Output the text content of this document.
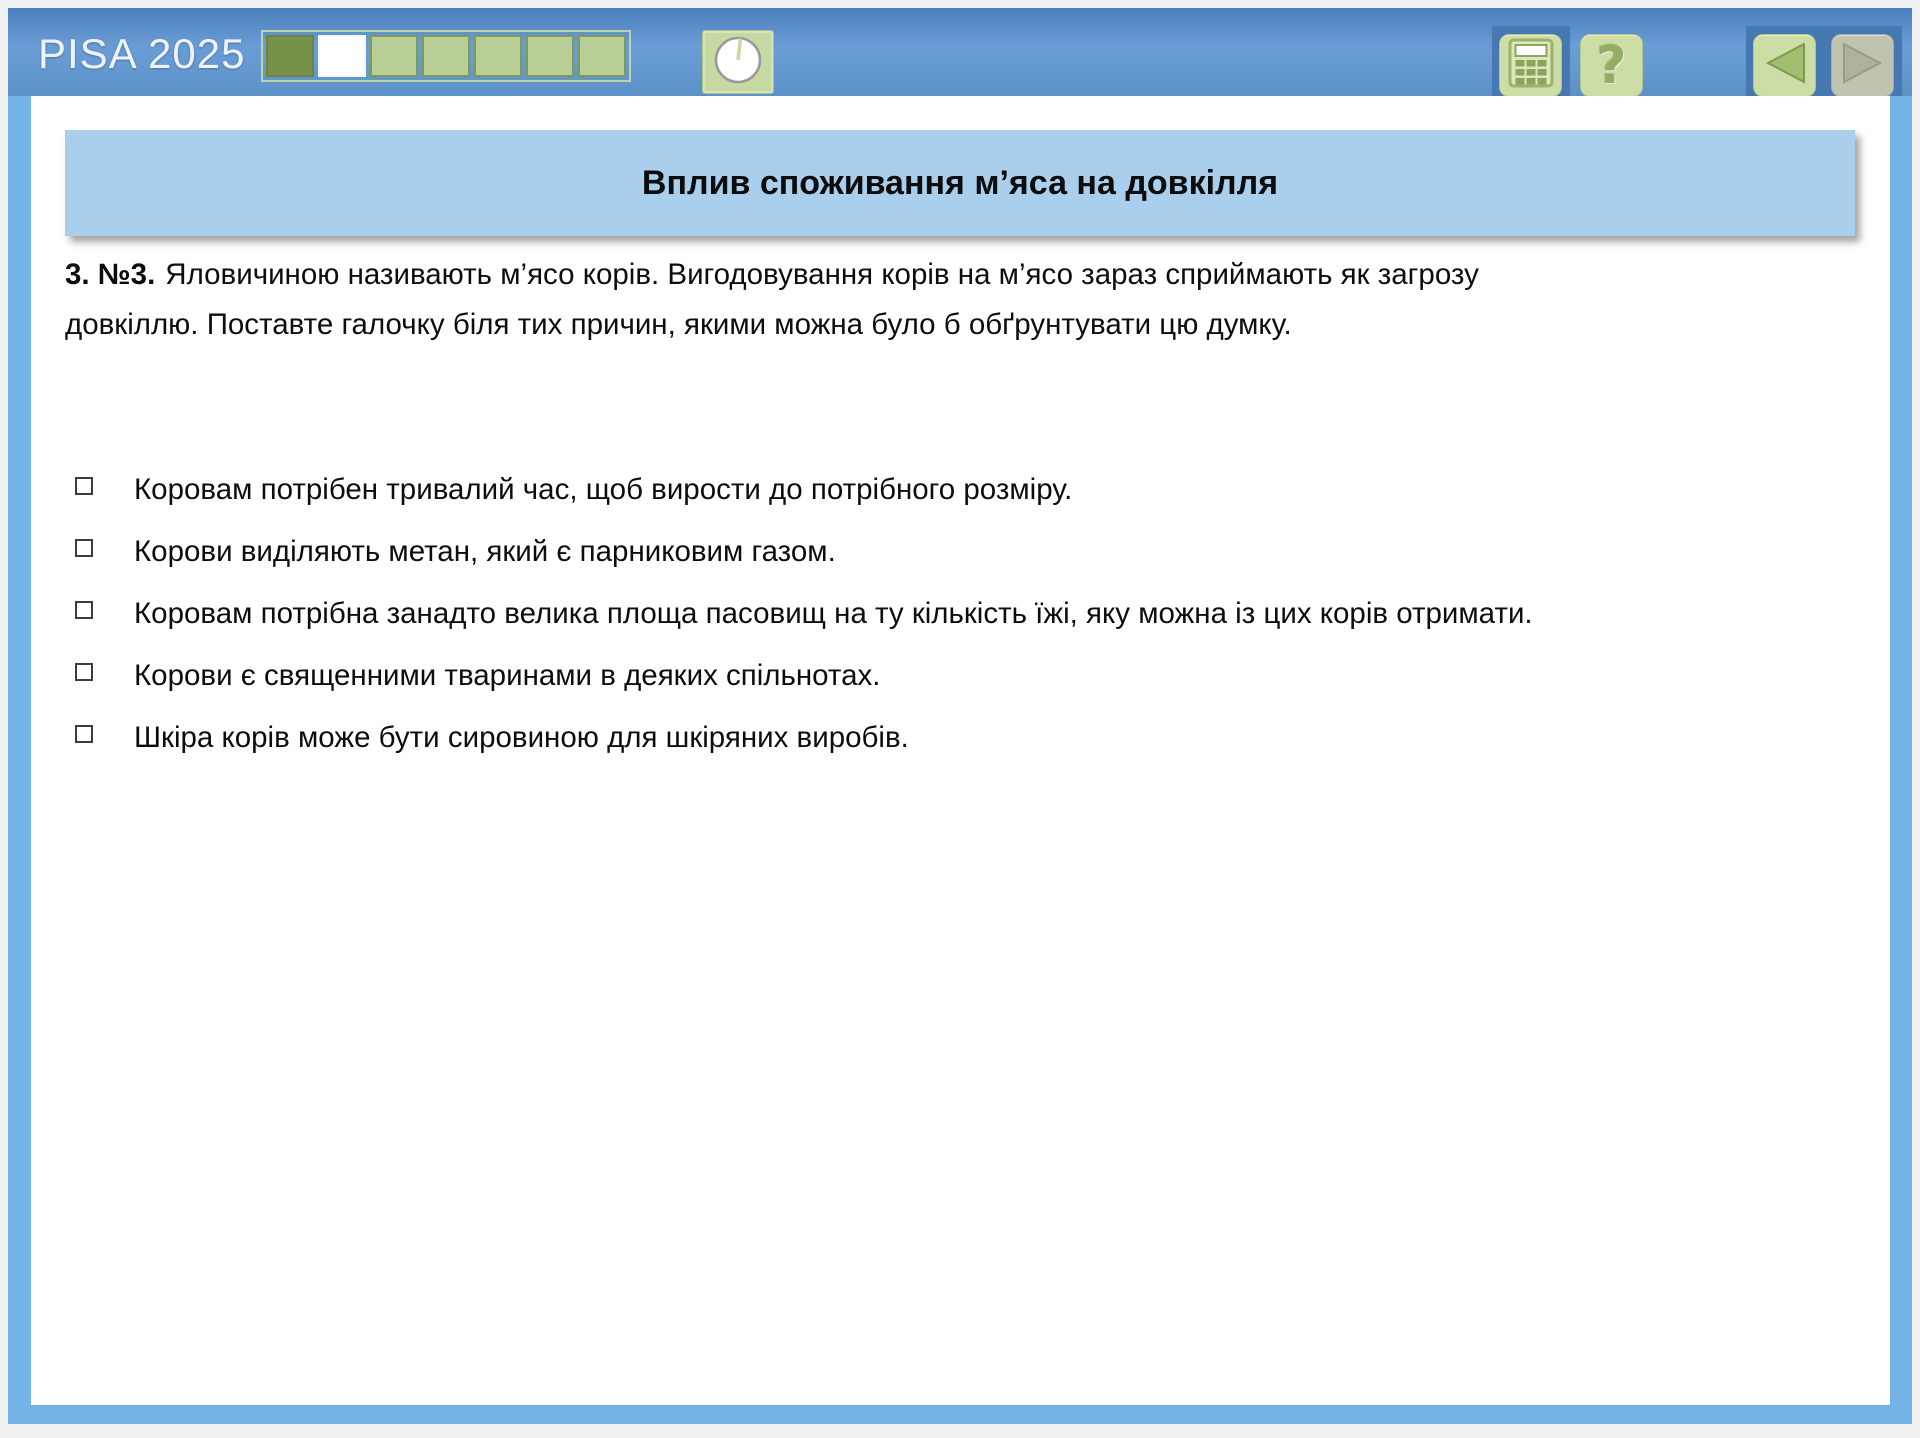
PISA 2025	?
Вплив споживання м’яса на довкілля
3. №3. Яловичиною називають м’ясо корів. Вигодовування корів на м’ясо зараз сприймають як загрозу довкіллю. Поставте галочку біля тих причин, якими можна було б обґрунтувати цю думку.
Коровам потрібен тривалий час, щоб вирости до потрібного розміру.
Корови виділяють метан, який є парниковим газом.
Коровам потрібна занадто велика площа пасовищ на ту кількість їжі, яку можна із цих корів отримати.
Корови є священними тваринами в деяких спільнотах.
Шкіра корів може бути сировиною для шкіряних виробів.
